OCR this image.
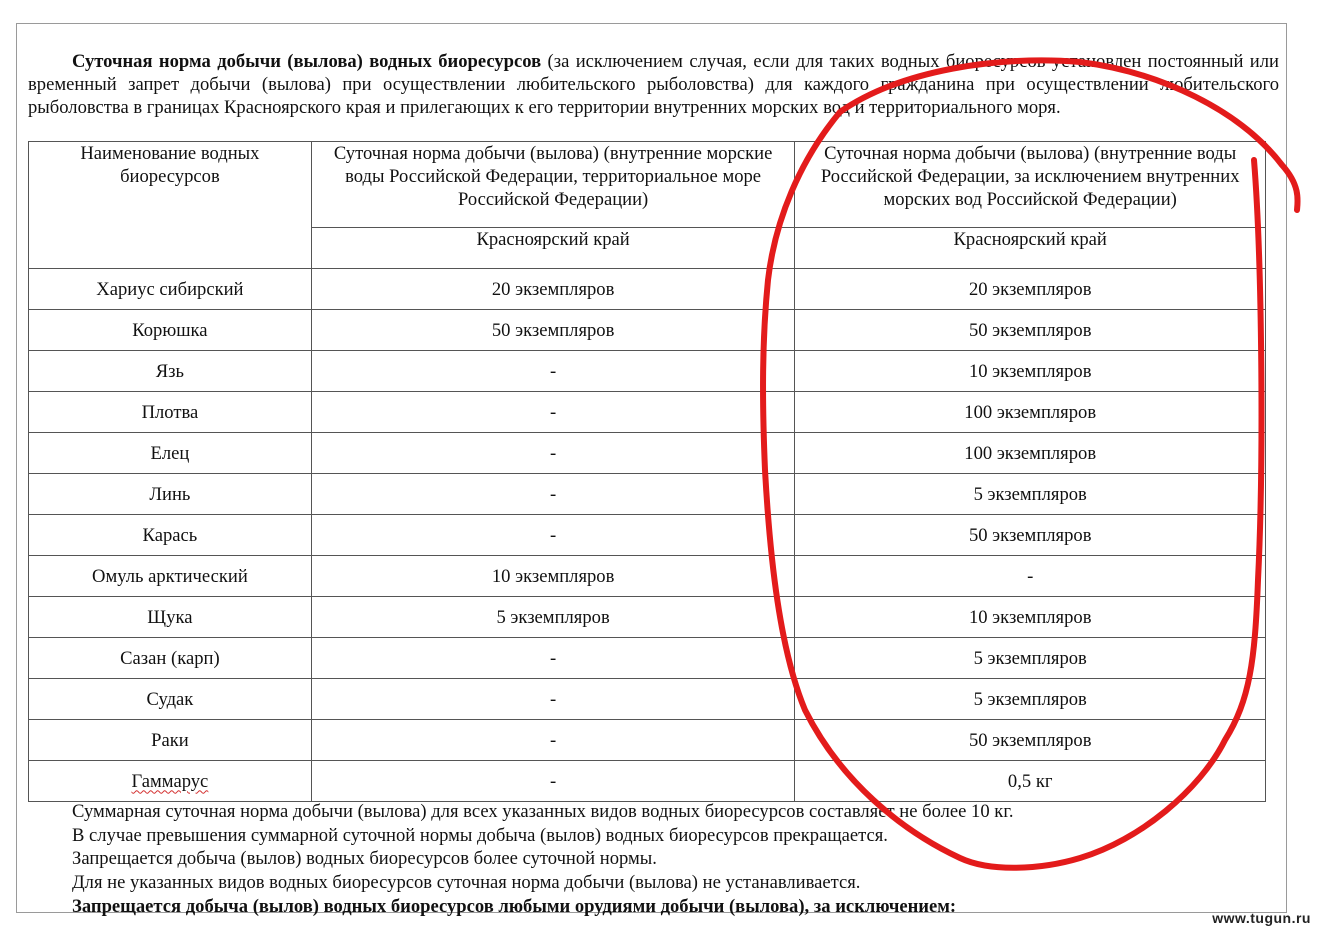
Суточная норма добычи (вылова) водных биоресурсов (за исключением случая, если для таких водных биоресурсов установлен постоянный или временный запрет добычи (вылова) при осуществлении любительского рыболовства) для каждого гражданина при осуществлении любительского рыболовства в границах Красноярского края и прилегающих к его территории внутренних морских вод и территориального моря.

Наименование водных биоресурсов	Суточная норма добычи (вылова) (внутренние морские воды Российской Федерации, территориальное море Российской Федерации)	Суточная норма добычи (вылова) (внутренние воды Российской Федерации, за исключением внутренних морских вод Российской Федерации)
	Красноярский край	Красноярский край
Хариус сибирский	20 экземпляров	20 экземпляров
Корюшка	50 экземпляров	50 экземпляров
Язь	-	10 экземпляров
Плотва	-	100 экземпляров
Елец	-	100 экземпляров
Линь	-	5 экземпляров
Карась	-	50 экземпляров
Омуль арктический	10 экземпляров	-
Щука	5 экземпляров	10 экземпляров
Сазан (карп)	-	5 экземпляров
Судак	-	5 экземпляров
Раки	-	50 экземпляров
Гаммарус	-	0,5 кг

Суммарная суточная норма добычи (вылова) для всех указанных видов водных биоресурсов составляет не более 10 кг.

В случае превышения суммарной суточной нормы добыча (вылов) водных биоресурсов прекращается.

Запрещается добыча (вылов) водных биоресурсов более суточной нормы.

Для не указанных видов водных биоресурсов суточная норма добычи (вылова) не устанавливается.

Запрещается добыча (вылов) водных биоресурсов любыми орудиями добычи (вылова), за исключением:

www.tugun.ru
